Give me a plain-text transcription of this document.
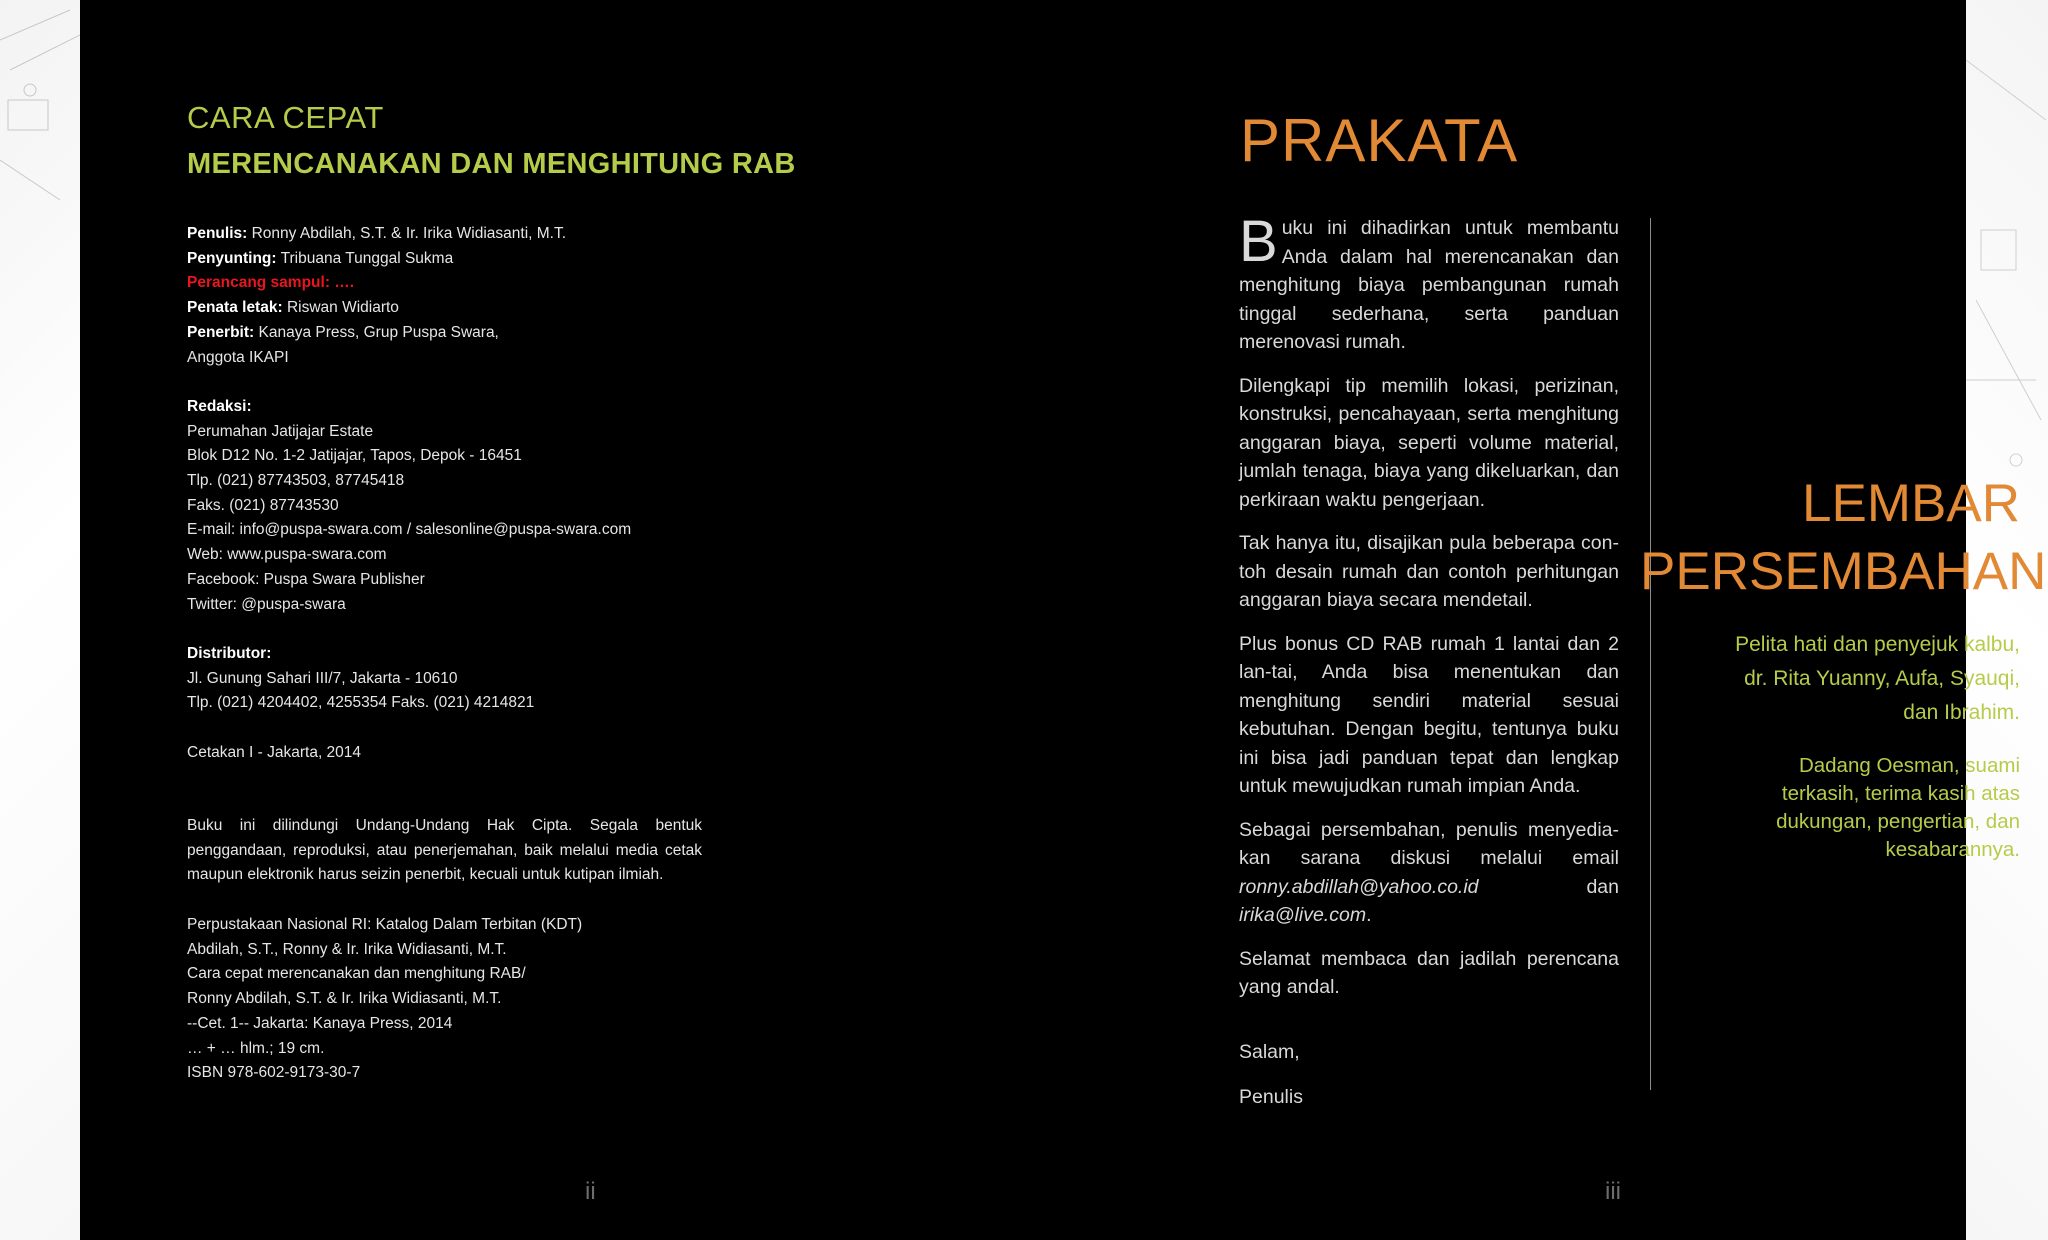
CARA CEPAT
MERENCANAKAN DAN MENGHITUNG RAB
Penulis: Ronny Abdilah, S.T. & Ir. Irika Widiasanti, M.T.
Penyunting: Tribuana Tunggal Sukma
Perancang sampul: ….
Penata letak: Riswan Widiarto
Penerbit: Kanaya Press, Grup Puspa Swara,
Anggota IKAPI
Redaksi:
Perumahan Jatijajar Estate
Blok D12 No. 1-2 Jatijajar, Tapos, Depok - 16451
Tlp. (021) 87743503, 87745418
Faks. (021) 87743530
E-mail: info@puspa-swara.com / salesonline@puspa-swara.com
Web: www.puspa-swara.com
Facebook: Puspa Swara Publisher
Twitter: @puspa-swara
Distributor:
Jl. Gunung Sahari III/7, Jakarta - 10610
Tlp. (021) 4204402, 4255354 Faks. (021) 4214821
Cetakan I - Jakarta, 2014
Buku ini dilindungi Undang-Undang Hak Cipta. Segala bentuk penggandaan, reproduksi, atau penerjemahan, baik melalui media cetak maupun elektronik harus seizin penerbit, kecuali untuk kutipan ilmiah.
Perpustakaan Nasional RI: Katalog Dalam Terbitan (KDT)
Abdilah, S.T., Ronny & Ir. Irika Widiasanti, M.T.
Cara cepat merencanakan dan menghitung RAB/
Ronny Abdilah, S.T. & Ir. Irika Widiasanti, M.T.
--Cet. 1-- Jakarta: Kanaya Press, 2014
… + … hlm.; 19 cm.
ISBN 978-602-9173-30-7
ii
PRAKATA

Buku ini dihadirkan untuk membantu Anda dalam hal merencanakan dan menghitung biaya pembangunan rumah tinggal sederhana, serta panduan merenovasi rumah.

Dilengkapi tip memilih lokasi, perizinan, konstruksi, pencahayaan, serta menghitung anggaran biaya, seperti volume material, jumlah tenaga, biaya yang dikeluarkan, dan perkiraan waktu pengerjaan.

Tak hanya itu, disajikan pula beberapa con-toh desain rumah dan contoh perhitungan anggaran biaya secara mendetail.

Plus bonus CD RAB rumah 1 lantai dan 2 lan-tai, Anda bisa menentukan dan menghitung sendiri material sesuai kebutuhan. Dengan begitu, tentunya buku ini bisa jadi panduan tepat dan lengkap untuk mewujudkan rumah impian Anda.

Sebagai persembahan, penulis menyedia-kan sarana diskusi melalui email ronny.abdillah@yahoo.co.id dan irika@live.com.

Selamat membaca dan jadilah perencana yang andal.

Salam,
Penulis
LEMBAR
PERSEMBAHAN
Pelita hati dan penyejuk kalbu, dr. Rita Yuanny, Aufa, Syauqi, dan Ibrahim.
Dadang Oesman, suami terkasih, terima kasih atas dukungan, pengertian, dan kesabarannya.
iii
